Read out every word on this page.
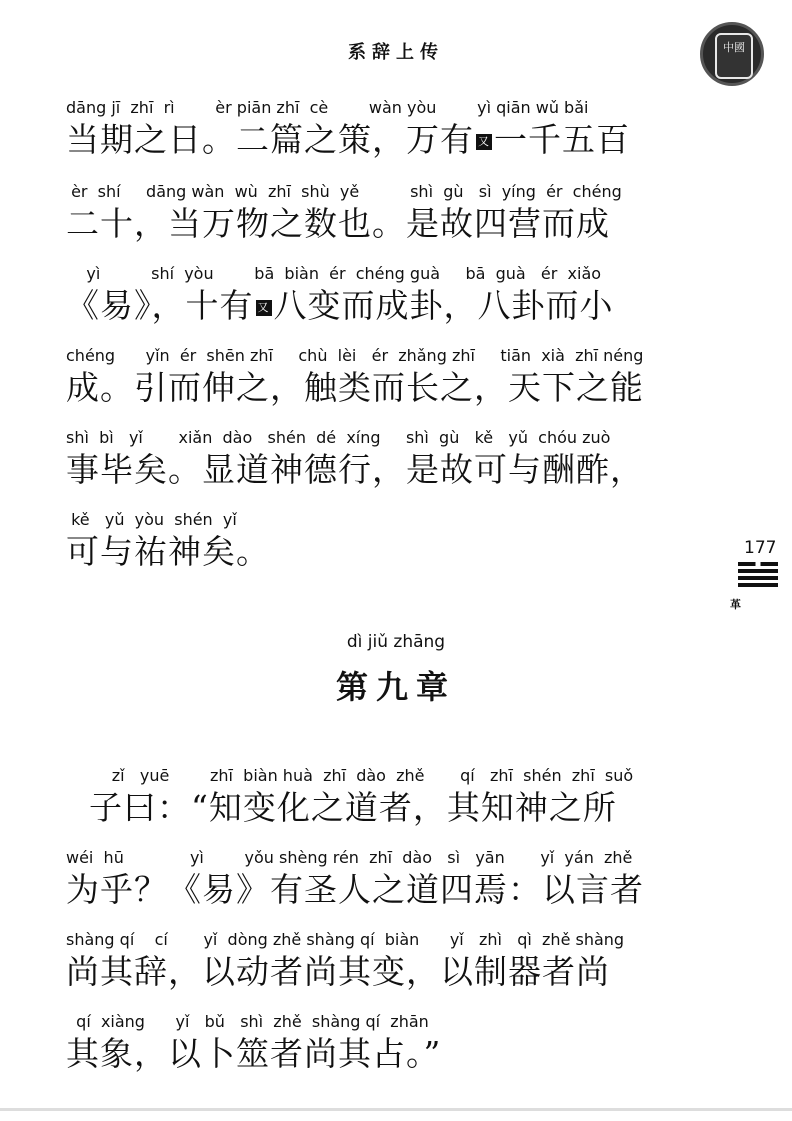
系辞上传	中國
dāng jī  zhī  rì        èr piān zhī  cè        wàn yòu        yì qiān wǔ bǎi
当期之日。二篇之策，万有 又 一千五百
èr  shí     dāng wàn  wù  zhī  shù  yě          shì  gù   sì  yíng  ér  chéng
二十，当万物之数也。是故四营而成
yì          shí  yòu        bā  biàn  ér  chéng guà     bā  guà   ér  xiǎo
《易》，十有 又 八变而成卦，八卦而小
chéng      yǐn  ér  shēn zhī     chù  lèi   ér  zhǎng zhī     tiān  xià  zhī néng
成。引而伸之，触类而长之，天下之能
shì  bì   yǐ       xiǎn  dào   shén  dé  xíng     shì  gù   kě   yǔ  chóu zuò
事毕矣。显道神德行，是故可与酬酢，
kě   yǔ  yòu  shén  yǐ
可与祐神矣。	177
革
dì jiǔ zhāng
第九章
zǐ   yuē        zhī  biàn huà  zhī  dào  zhě       qí   zhī  shén  zhī  suǒ
子曰：“知变化之道者，其知神之所
wéi  hū             yì        yǒu shèng rén  zhī  dào   sì   yān       yǐ  yán  zhě
为乎？《易》有圣人之道四焉：以言者
shàng qí    cí       yǐ  dòng zhě shàng qí  biàn      yǐ   zhì   qì  zhě shàng
尚其辞，以动者尚其变，以制器者尚
qí  xiàng      yǐ   bǔ   shì  zhě  shàng qí  zhān
其象，以卜筮者尚其占。”
